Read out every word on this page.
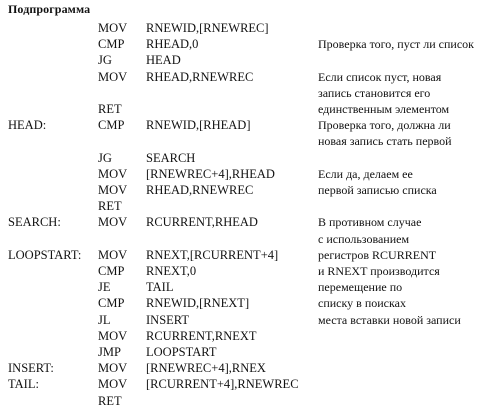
Подпрограмма
MOV RNEWID,[RNEWREC]
CMP RHEAD,0	Проверка того, пуст ли список
JG	HEAD
MOV RHEAD,RNEWREC	Если список пуст, новая
запись становится его
RET	единственным элементом
HEAD:	CMP RNEWID,[RHEAD]	Проверка того, должна ли
новая запись стать первой
JG	SEARCH
MOV [RNEWREC+4],RHEAD	Если да, делаем ее
MOV RHEAD,RNEWREC	первой записью списка
RET
SEARCH:	MOV RCURRENT,RHEAD	В противном случае
с использованием
LOOPSTART: MOV RNEXT,[RCURRENT+4]	регистров RCURRENT
CMP RNEXT,0	и RNEXT производится
JE	TAIL	перемещение по
CMP RNEWID,[RNEXT]	списку в поисках
JL	INSERT	места вставки новой записи
MOV RCURRENT,RNEXT
JMP LOOPSTART
INSERT:	MOV [RNEWREC+4],RNEX
TAIL:	MOV [RCURRENT+4],RNEWREC
RET
